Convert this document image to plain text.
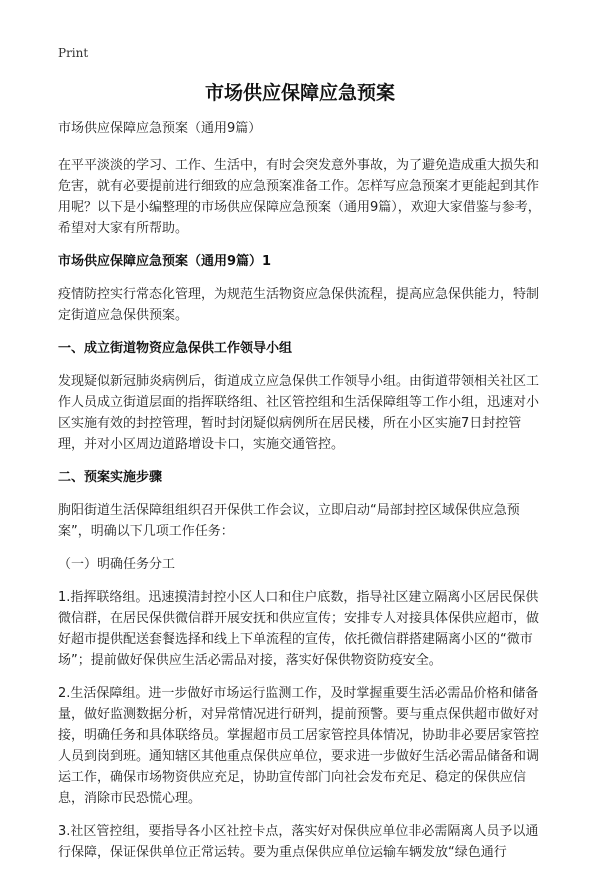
Print
市场供应保障应急预案
市场供应保障应急预案（通用9篇）
在平平淡淡的学习、工作、生活中，有时会突发意外事故，为了避免造成重大损失和危害，就有必要提前进行细致的应急预案准备工作。怎样写应急预案才更能起到其作用呢？以下是小编整理的市场供应保障应急预案（通用9篇），欢迎大家借鉴与参考，希望对大家有所帮助。
市场供应保障应急预案（通用9篇）1
疫情防控实行常态化管理，为规范生活物资应急保供流程，提高应急保供能力，特制定街道应急保供预案。
一、成立街道物资应急保供工作领导小组
发现疑似新冠肺炎病例后，街道成立应急保供工作领导小组。由街道带领相关社区工作人员成立街道层面的指挥联络组、社区管控组和生活保障组等工作小组，迅速对小区实施有效的封控管理，暂时封闭疑似病例所在居民楼，所在小区实施7日封控管理，并对小区周边道路增设卡口，实施交通管控。
二、预案实施步骤
朐阳街道生活保障组组织召开保供工作会议，立即启动“局部封控区域保供应急预案”，明确以下几项工作任务：
（一）明确任务分工
1.指挥联络组。迅速摸清封控小区人口和住户底数，指导社区建立隔离小区居民保供微信群，在居民保供微信群开展安抚和供应宣传；安排专人对接具体保供应超市，做好超市提供配送套餐选择和线上下单流程的宣传，依托微信群搭建隔离小区的“微市场”；提前做好保供应生活必需品对接，落实好保供物资防疫安全。
2.生活保障组。进一步做好市场运行监测工作，及时掌握重要生活必需品价格和储备量，做好监测数据分析，对异常情况进行研判，提前预警。要与重点保供超市做好对接，明确任务和具体联络员。掌握超市员工居家管控具体情况，协助非必要居家管控人员到岗到班。通知辖区其他重点保供应单位，要求进一步做好生活必需品储备和调运工作，确保市场物资供应充足，协助宣传部门向社会发布充足、稳定的保供应信息，消除市民恐慌心理。
3.社区管控组，要指导各小区社控卡点，落实好对保供应单位非必需隔离人员予以通行保障，保证保供单位正常运转。要为重点保供应单位运输车辆发放“绿色通行
